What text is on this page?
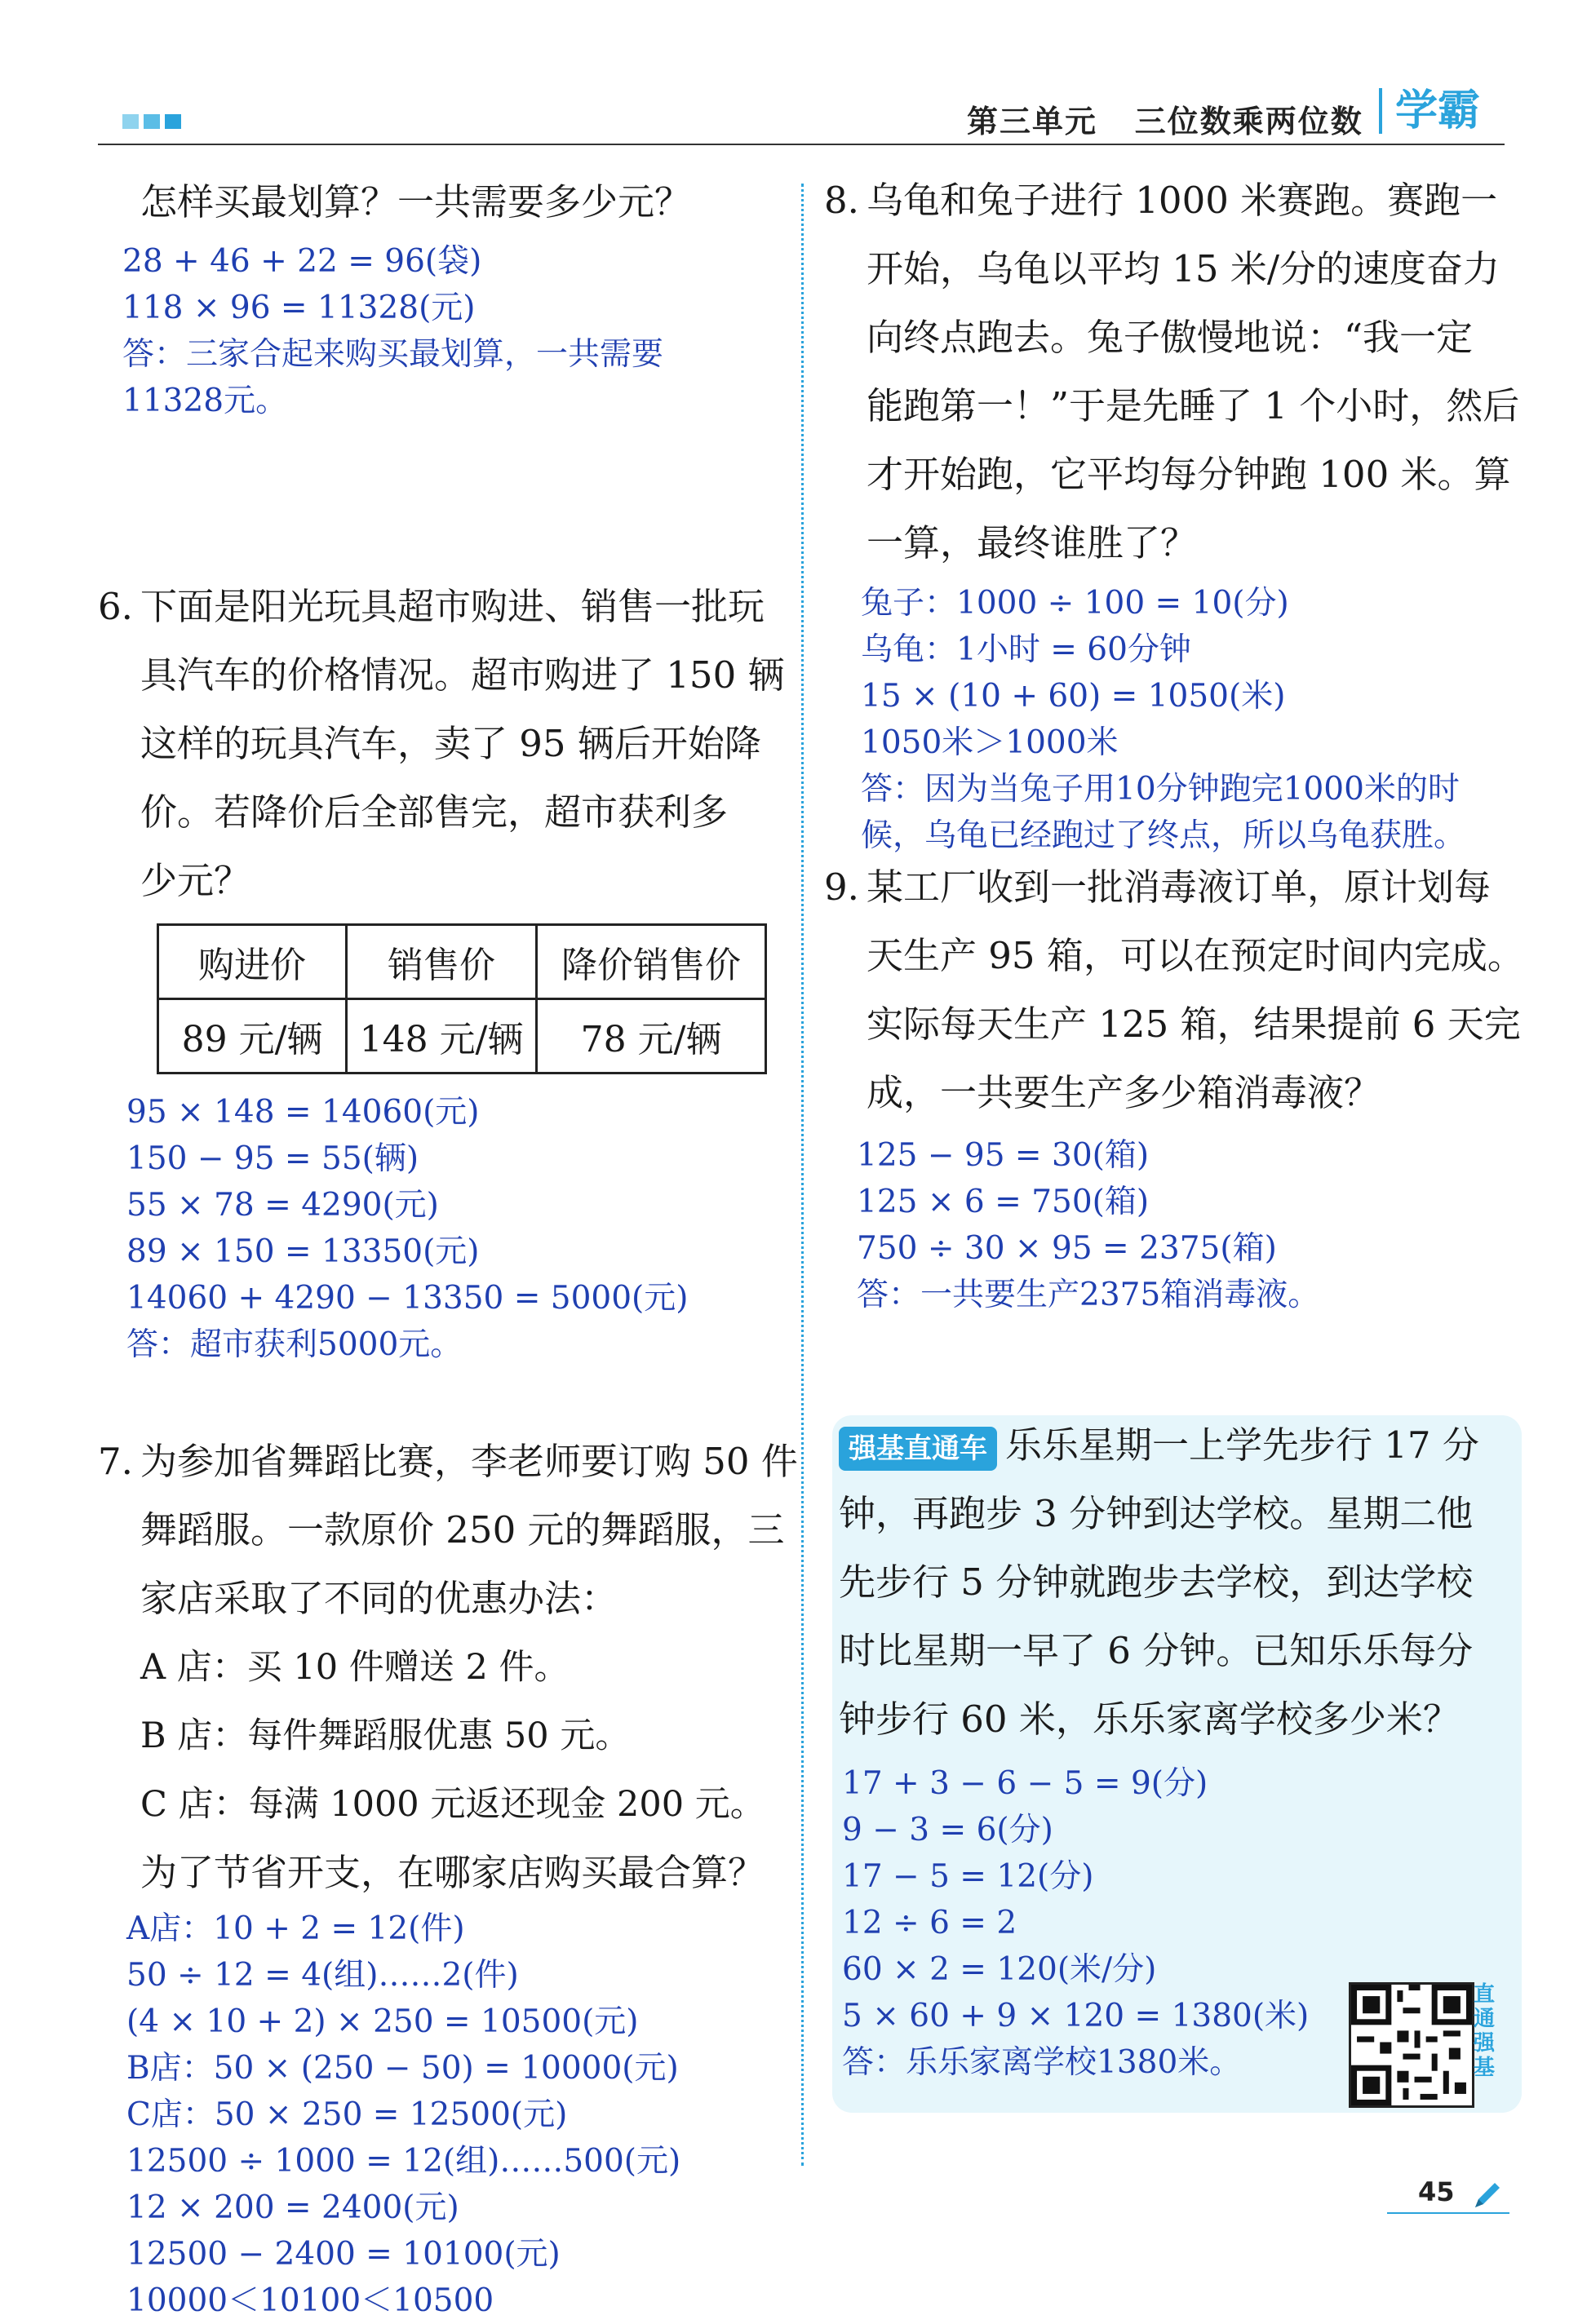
第三单元 三位数乘两位数 学霸
怎样买最划算？一共需要多少元？
28 + 46 + 22 = 96(袋)
118 × 96 = 11328(元)
答：三家合起来购买最划算，一共需要
11328元。
6. 下面是阳光玩具超市购进、销售一批玩
具汽车的价格情况。超市购进了 150 辆
这样的玩具汽车，卖了 95 辆后开始降
价。若降价后全部售完，超市获利多
少元？
购进价	销售价	降价销售价
89 元/辆	148 元/辆	78 元/辆
95 × 148 = 14060(元)
150 − 95 = 55(辆)
55 × 78 = 4290(元)
89 × 150 = 13350(元)
14060 + 4290 − 13350 = 5000(元)
答：超市获利5000元。
7. 为参加省舞蹈比赛，李老师要订购 50 件
舞蹈服。一款原价 250 元的舞蹈服，三
家店采取了不同的优惠办法：
A 店：买 10 件赠送 2 件。
B 店：每件舞蹈服优惠 50 元。
C 店：每满 1000 元返还现金 200 元。
为了节省开支，在哪家店购买最合算？
A店：10 + 2 = 12(件)
50 ÷ 12 = 4(组)……2(件)
(4 × 10 + 2) × 250 = 10500(元)
B店：50 × (250 − 50) = 10000(元)
C店：50 × 250 = 12500(元)
12500 ÷ 1000 = 12(组)……500(元)
12 × 200 = 2400(元)
12500 − 2400 = 10100(元)
10000＜10100＜10500
8. 乌龟和兔子进行 1000 米赛跑。赛跑一
开始，乌龟以平均 15 米/分的速度奋力
向终点跑去。兔子傲慢地说：“我一定
能跑第一！”于是先睡了 1 个小时，然后
才开始跑，它平均每分钟跑 100 米。算
一算，最终谁胜了？
兔子：1000 ÷ 100 = 10(分)
乌龟：1小时 = 60分钟
15 × (10 + 60) = 1050(米)
1050米＞1000米
答：因为当兔子用10分钟跑完1000米的时
候，乌龟已经跑过了终点，所以乌龟获胜。
9. 某工厂收到一批消毒液订单，原计划每
天生产 95 箱，可以在预定时间内完成。
实际每天生产 125 箱，结果提前 6 天完
成，一共要生产多少箱消毒液？
125 − 95 = 30(箱)
125 × 6 = 750(箱)
750 ÷ 30 × 95 = 2375(箱)
答：一共要生产2375箱消毒液。
强基直通车 乐乐星期一上学先步行 17 分
钟，再跑步 3 分钟到达学校。星期二他
先步行 5 分钟就跑步去学校，到达学校
时比星期一早了 6 分钟。已知乐乐每分
钟步行 60 米，乐乐家离学校多少米？
17 + 3 − 6 − 5 = 9(分)
9 − 3 = 6(分)
17 − 5 = 12(分)
12 ÷ 6 = 2
60 × 2 = 120(米/分)
5 × 60 + 9 × 120 = 1380(米)
答：乐乐家离学校1380米。
直通强基
45
